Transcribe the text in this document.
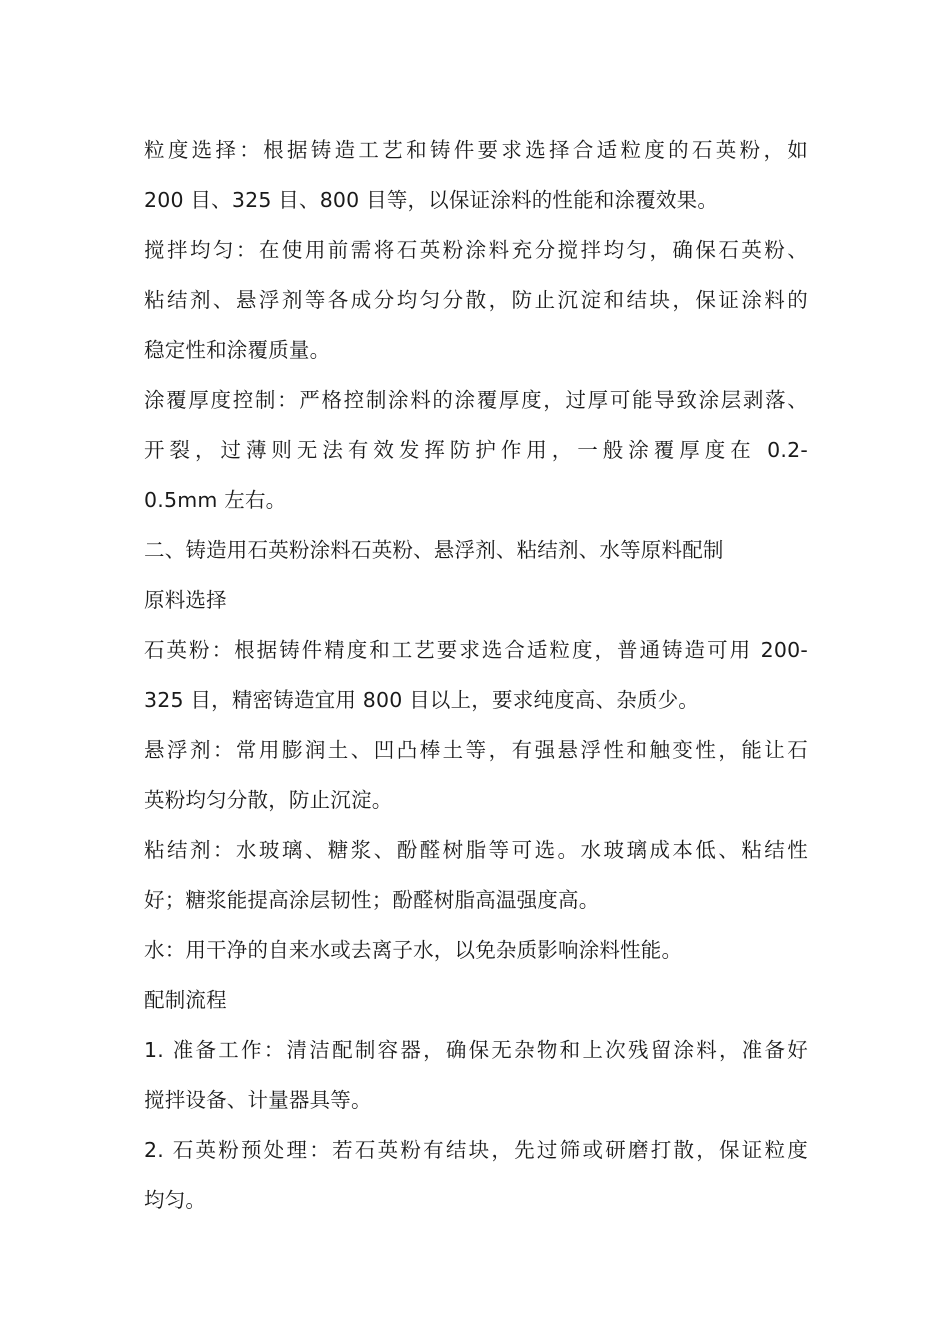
粒度选择：根据铸造工艺和铸件要求选择合适粒度的石英粉，如
200 目、325 目、800 目等，以保证涂料的性能和涂覆效果。
搅拌均匀：在使用前需将石英粉涂料充分搅拌均匀，确保石英粉、
粘结剂、悬浮剂等各成分均匀分散，防止沉淀和结块，保证涂料的
稳定性和涂覆质量。
涂覆厚度控制：严格控制涂料的涂覆厚度，过厚可能导致涂层剥落、
开裂，过薄则无法有效发挥防护作用，一般涂覆厚度在 0.2-
0.5mm 左右。
二、铸造用石英粉涂料石英粉、悬浮剂、粘结剂、水等原料配制
原料选择
石英粉：根据铸件精度和工艺要求选合适粒度，普通铸造可用 200-
325 目，精密铸造宜用 800 目以上，要求纯度高、杂质少。
悬浮剂：常用膨润土、凹凸棒土等，有强悬浮性和触变性，能让石
英粉均匀分散，防止沉淀。
粘结剂：水玻璃、糖浆、酚醛树脂等可选。水玻璃成本低、粘结性
好；糖浆能提高涂层韧性；酚醛树脂高温强度高。
水：用干净的自来水或去离子水，以免杂质影响涂料性能。
配制流程
1. 准备工作：清洁配制容器，确保无杂物和上次残留涂料，准备好
搅拌设备、计量器具等。
2. 石英粉预处理：若石英粉有结块，先过筛或研磨打散，保证粒度
均匀。
